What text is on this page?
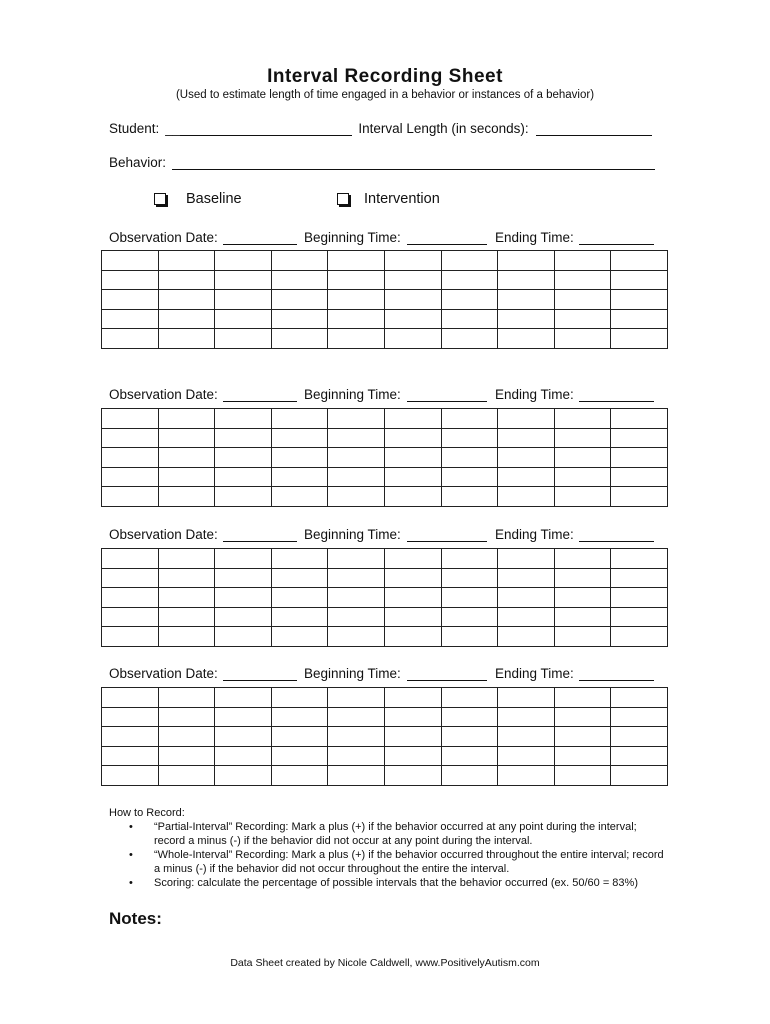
Interval Recording Sheet
(Used to estimate length of time engaged in a behavior or instances of a behavior)
Student: __	Interval Length (in seconds):
Behavior:
Baseline	Intervention
Observation Date:	Beginning Time:	Ending Time:

Observation Date:	Beginning Time:	Ending Time:

Observation Date:	Beginning Time:	Ending Time:

Observation Date:	Beginning Time:	Ending Time:

How to Record:
• “Partial-Interval” Recording: Mark a plus (+) if the behavior occurred at any point during the interval; record a minus (-) if the behavior did not occur at any point during the interval.
• “Whole-Interval” Recording: Mark a plus (+) if the behavior occurred throughout the entire interval; record a minus (-) if the behavior did not occur throughout the entire the interval.
• Scoring: calculate the percentage of possible intervals that the behavior occurred (ex. 50/60 = 83%)
Notes:
Data Sheet created by Nicole Caldwell, www.PositivelyAutism.com
